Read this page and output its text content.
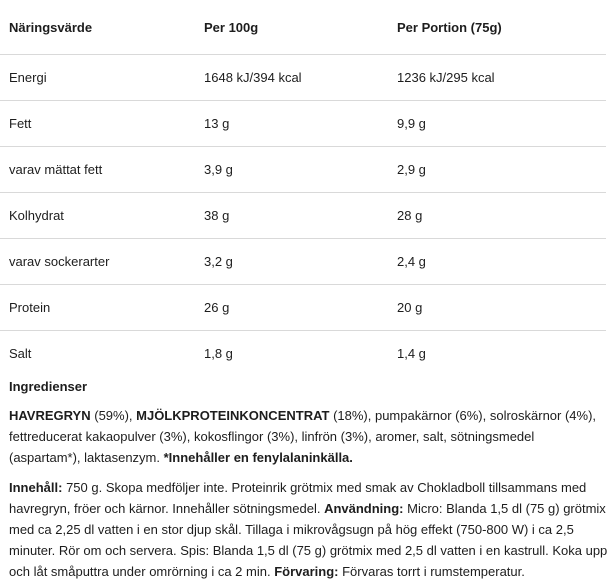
Näringsvärde	Per 100g	Per Portion (75g)
Energi	1648 kJ/394 kcal	1236 kJ/295 kcal
Fett	13 g	9,9 g
varav mättat fett	3,9 g	2,9 g
Kolhydrat	38 g	28 g
varav sockerarter	3,2 g	2,4 g
Protein	26 g	20 g
Salt	1,8 g	1,4 g
Ingredienser
HAVREGRYN (59%), MJÖLKPROTEINKONCENTRAT (18%), pumpakärnor (6%), solroskärnor (4%), fettreducerat kakaopulver (3%), kokosflingor (3%), linfrön (3%), aromer, salt, sötningsmedel (aspartam*), laktasenzym. *Innehåller en fenylalaninkälla.
Innehåll: 750 g. Skopa medföljer inte. Proteinrik grötmix med smak av Chokladboll tillsammans med havregryn, fröer och kärnor. Innehåller sötningsmedel. Användning: Micro: Blanda 1,5 dl (75 g) grötmix med ca 2,25 dl vatten i en stor djup skål. Tillaga i mikrovågsugn på hög effekt (750-800 W) i ca 2,5 minuter. Rör om och servera. Spis: Blanda 1,5 dl (75 g) grötmix med 2,5 dl vatten i en kastrull. Koka upp och låt småputtra under omrörning i ca 2 min. Förvaring: Förvaras torrt i rumstemperatur.
